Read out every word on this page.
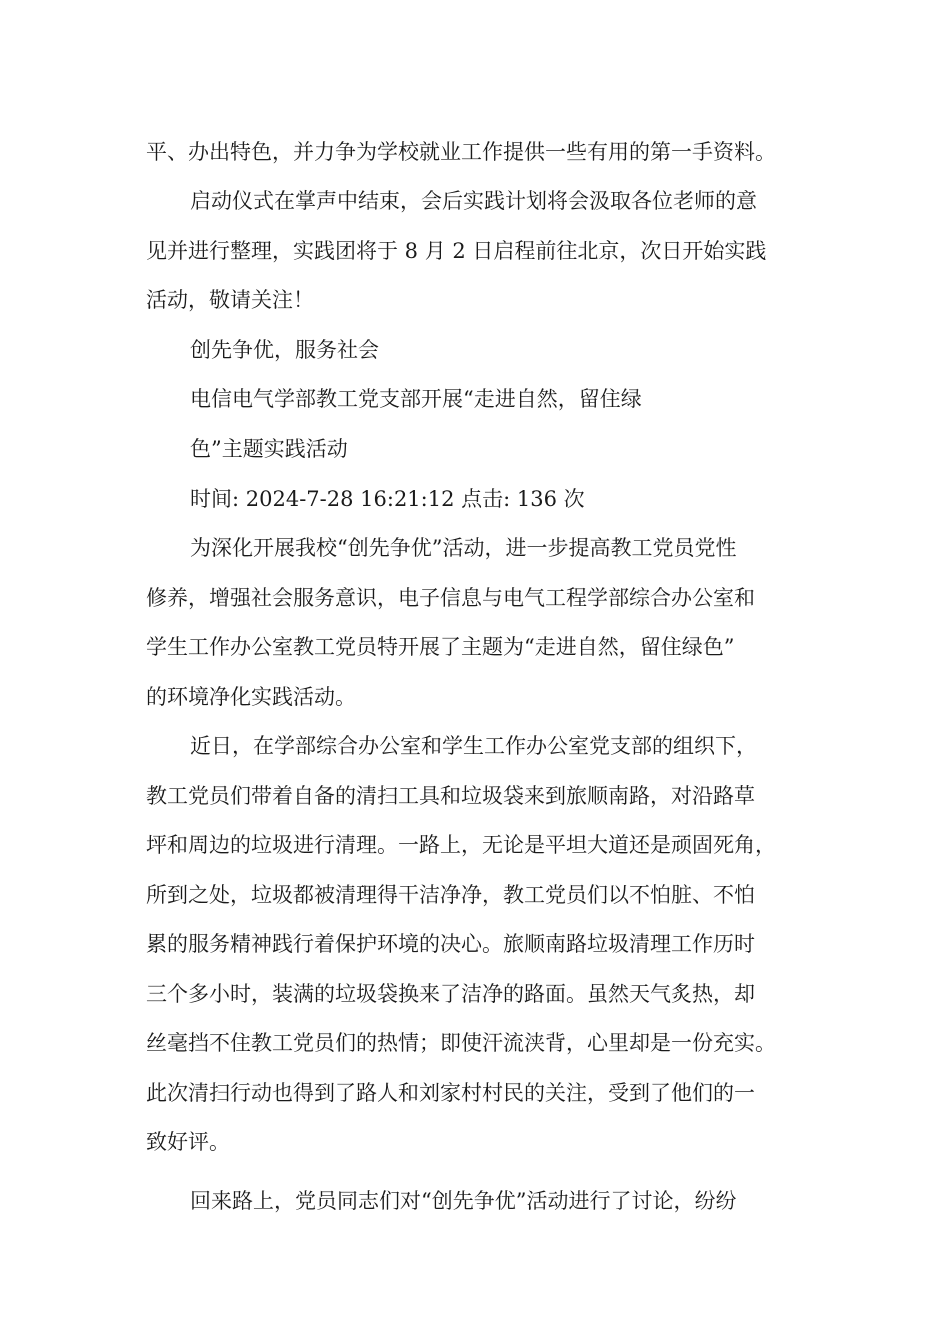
平、办出特色，并力争为学校就业工作提供一些有用的第一手资料。
启动仪式在掌声中结束，会后实践计划将会汲取各位老师的意
见并进行整理，实践团将于 8 月 2 日启程前往北京，次日开始实践
活动，敬请关注！
创先争优，服务社会
电信电气学部教工党支部开展“走进自然，留住绿
色”主题实践活动
时间: 2024-7-28 16:21:12 点击: 136 次
为深化开展我校“创先争优”活动，进一步提高教工党员党性
修养，增强社会服务意识，电子信息与电气工程学部综合办公室和
学生工作办公室教工党员特开展了主题为“走进自然，留住绿色”
的环境净化实践活动。
近日，在学部综合办公室和学生工作办公室党支部的组织下，
教工党员们带着自备的清扫工具和垃圾袋来到旅顺南路，对沿路草
坪和周边的垃圾进行清理。一路上，无论是平坦大道还是顽固死角，
所到之处，垃圾都被清理得干洁净净，教工党员们以不怕脏、不怕
累的服务精神践行着保护环境的决心。旅顺南路垃圾清理工作历时
三个多小时，装满的垃圾袋换来了洁净的路面。虽然天气炙热，却
丝毫挡不住教工党员们的热情；即使汗流浃背，心里却是一份充实。
此次清扫行动也得到了路人和刘家村村民的关注，受到了他们的一
致好评。
回来路上，党员同志们对“创先争优”活动进行了讨论，纷纷
